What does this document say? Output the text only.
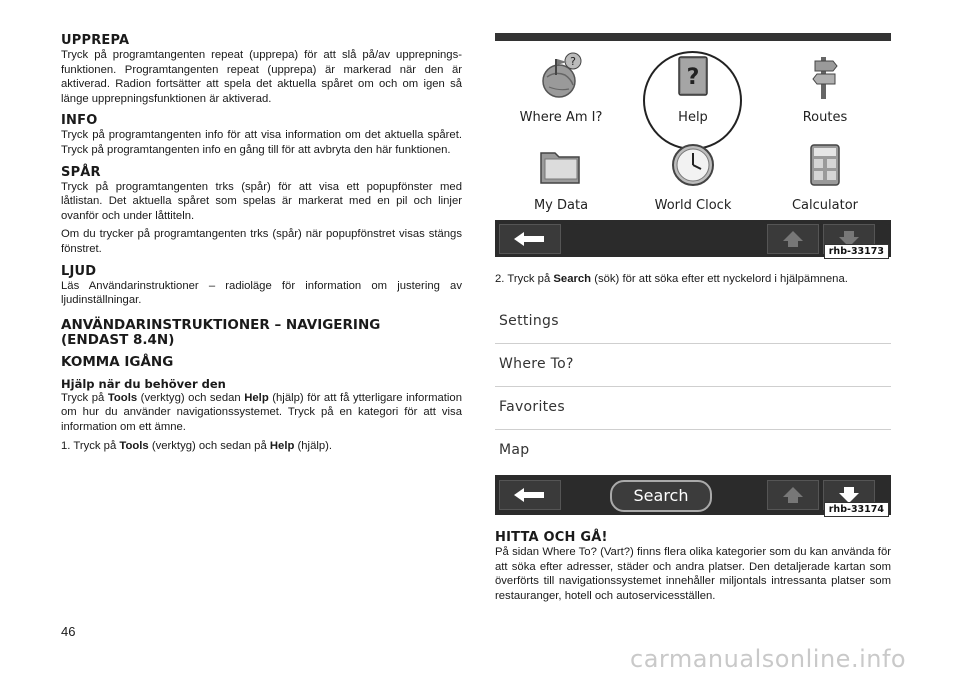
UPPREPA

Tryck på programtangenten repeat (upprepa) för att slå på/av upprepnings-funktionen. Programtangenten repeat (upprepa) är markerad när den är aktiverad. Radion fortsätter att spela det aktuella spåret om och om igen så länge upprepningsfunktionen är aktiverad.

INFO

Tryck på programtangenten info för att visa information om det aktuella spåret. Tryck på programtangenten info en gång till för att avbryta den här funktionen.

SPÅR

Tryck på programtangenten trks (spår) för att visa ett popupfönster med låtlistan. Det aktuella spåret som spelas är markerat med en pil och linjer ovanför och under låttiteln.

Om du trycker på programtangenten trks (spår) när popupfönstret visas stängs fönstret.

LJUD

Läs Användarinstruktioner – radioläge för information om justering av ljudinställningar.

ANVÄNDARINSTRUKTIONER – NAVIGERING
(ENDAST 8.4N)
KOMMA IGÅNG
Hjälp när du behöver den

Tryck på Tools (verktyg) och sedan Help (hjälp) för att få ytterligare information om hur du använder navigationssystemet. Tryck på en kategori för att visa information om ett ämne.

1. Tryck på Tools (verktyg) och sedan på Help (hjälp).

?
Where Am I?
?
Help	Routes
My Data	World Clock	Calculator
rhb-33173

2. Tryck på Search (sök) för att söka efter ett nyckelord i hjälpämnena.

Settings
Where To?
Favorites
Map
Search
rhb-33174
HITTA OCH GÅ!

På sidan Where To? (Vart?) finns flera olika kategorier som du kan använda för att söka efter adresser, städer och andra platser. Den detaljerade kartan som överförts till navigationssystemet innehåller miljontals intressanta platser som restauranger, hotell och autoservicesställen.

46
carmanualsonline.info
